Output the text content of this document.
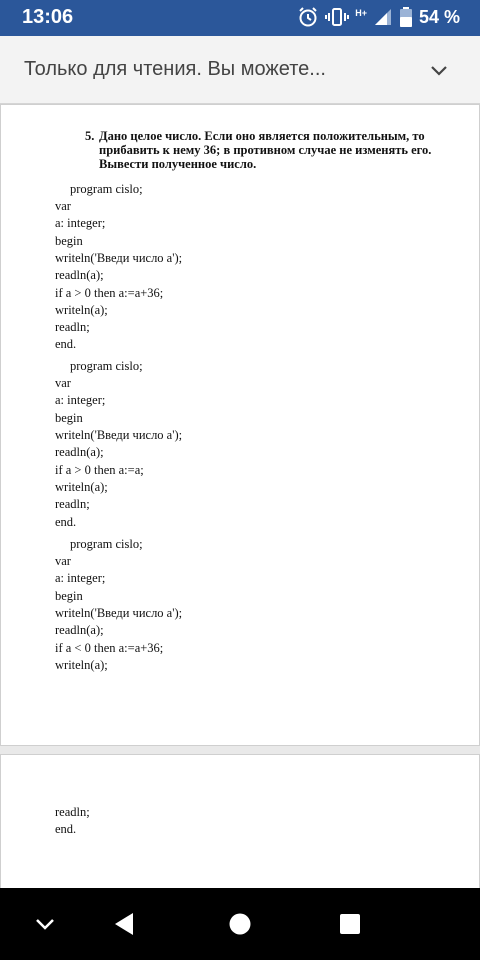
13:06	H+	54 %
Только для чтения. Вы можете...
5. Дано целое число. Если оно является положительным, то
прибавить к нему 36; в противном случае не изменять его.
Вывести полученное число.
program cislo;
var
a: integer;
begin
writeln('Введи число a');
readln(a);
if a > 0 then a:=a+36;
writeln(a);
readln;
end.
program cislo;
var
a: integer;
begin
writeln('Введи число a');
readln(a);
if a > 0 then a:=a;
writeln(a);
readln;
end.
program cislo;
var
a: integer;
begin
writeln('Введи число a');
readln(a);
if a < 0 then a:=a+36;
writeln(a);
readln;
end.
